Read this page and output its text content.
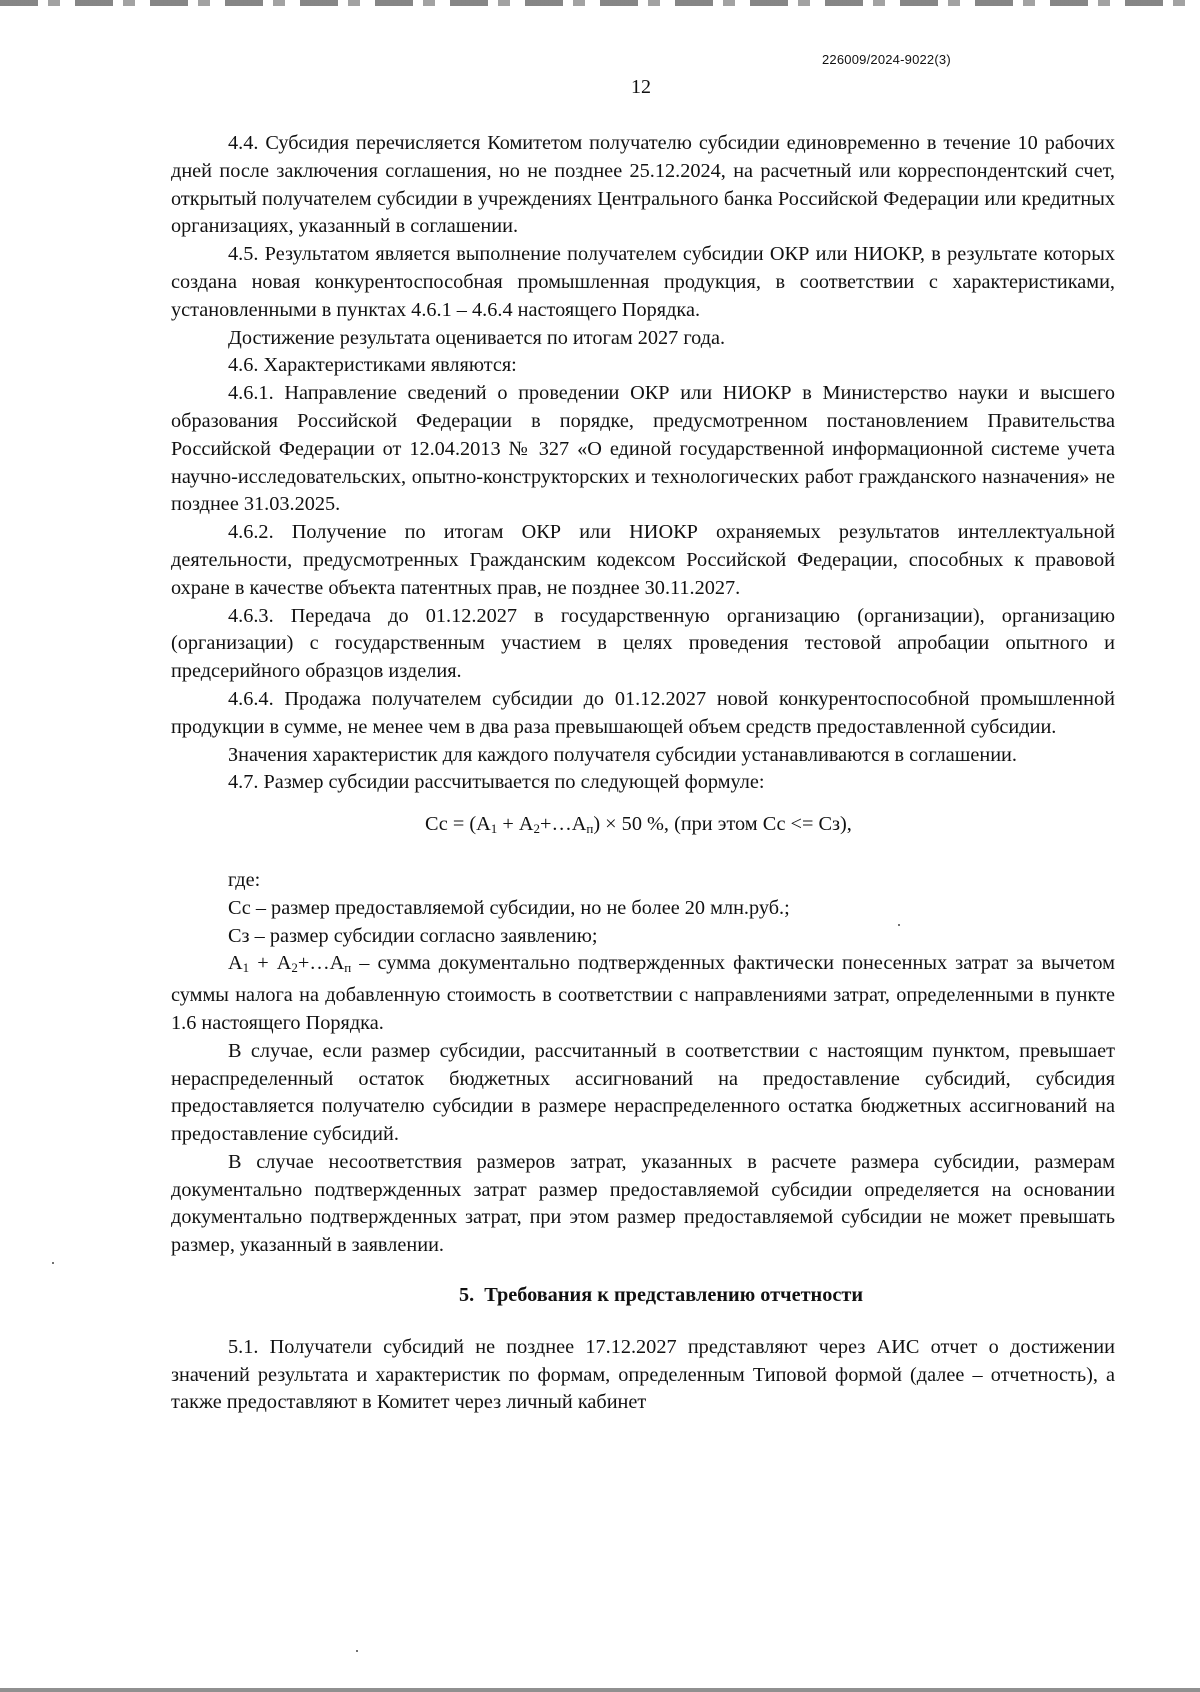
226009/2024-9022(3)
12

4.4. Субсидия перечисляется Комитетом получателю субсидии единовременно в течение 10 рабочих дней после заключения соглашения, но не позднее 25.12.2024, на расчетный или корреспондентский счет, открытый получателем субсидии в учреждениях Центрального банка Российской Федерации или кредитных организациях, указанный в соглашении.

4.5. Результатом является выполнение получателем субсидии ОКР или НИОКР, в результате которых создана новая конкурентоспособная промышленная продукция, в соответствии с характеристиками, установленными в пунктах 4.6.1 – 4.6.4 настоящего Порядка.

Достижение результата оценивается по итогам 2027 года.

4.6. Характеристиками являются:

4.6.1. Направление сведений о проведении ОКР или НИОКР в Министерство науки и высшего образования Российской Федерации в порядке, предусмотренном постановлением Правительства Российской Федерации от 12.04.2013 № 327 «О единой государственной информационной системе учета научно-исследовательских, опытно-конструкторских и технологических работ гражданского назначения» не позднее 31.03.2025.

4.6.2. Получение по итогам ОКР или НИОКР охраняемых результатов интеллектуальной деятельности, предусмотренных Гражданским кодексом Российской Федерации, способных к правовой охране в качестве объекта патентных прав, не позднее 30.11.2027.

4.6.3. Передача до 01.12.2027 в государственную организацию (организации), организацию (организации) с государственным участием в целях проведения тестовой апробации опытного и предсерийного образцов изделия.

4.6.4. Продажа получателем субсидии до 01.12.2027 новой конкурентоспособной промышленной продукции в сумме, не менее чем в два раза превышающей объем средств предоставленной субсидии.

Значения характеристик для каждого получателя субсидии устанавливаются в соглашении.

4.7. Размер субсидии рассчитывается по следующей формуле:

Сс = ($А_1$ + $А_2+\dots А_п) \times 50$ %, (при этом Сс <= Сз),

где:

Сс – размер предоставляемой субсидии, но не более 20 млн.руб.;

Сз – размер субсидии согласно заявлению;

$А_1$ + $А_2+\dots А_п$ – сумма документально подтвержденных фактически понесенных затрат за вычетом суммы налога на добавленную стоимость в соответствии с направлениями затрат, определенными в пункте 1.6 настоящего Порядка.

В случае, если размер субсидии, рассчитанный в соответствии с настоящим пунктом, превышает нераспределенный остаток бюджетных ассигнований на предоставление субсидий, субсидия предоставляется получателю субсидии в размере нераспределенного остатка бюджетных ассигнований на предоставление субсидий.

В случае несоответствия размеров затрат, указанных в расчете размера субсидии, размерам документально подтвержденных затрат размер предоставляемой субсидии определяется на основании документально подтвержденных затрат, при этом размер предоставляемой субсидии не может превышать размер, указанный в заявлении.

5. Требования к представлению отчетности

5.1. Получатели субсидий не позднее 17.12.2027 представляют через АИС отчет о достижении значений результата и характеристик по формам, определенным Типовой формой (далее – отчетность), а также предоставляют в Комитет через личный кабинет
